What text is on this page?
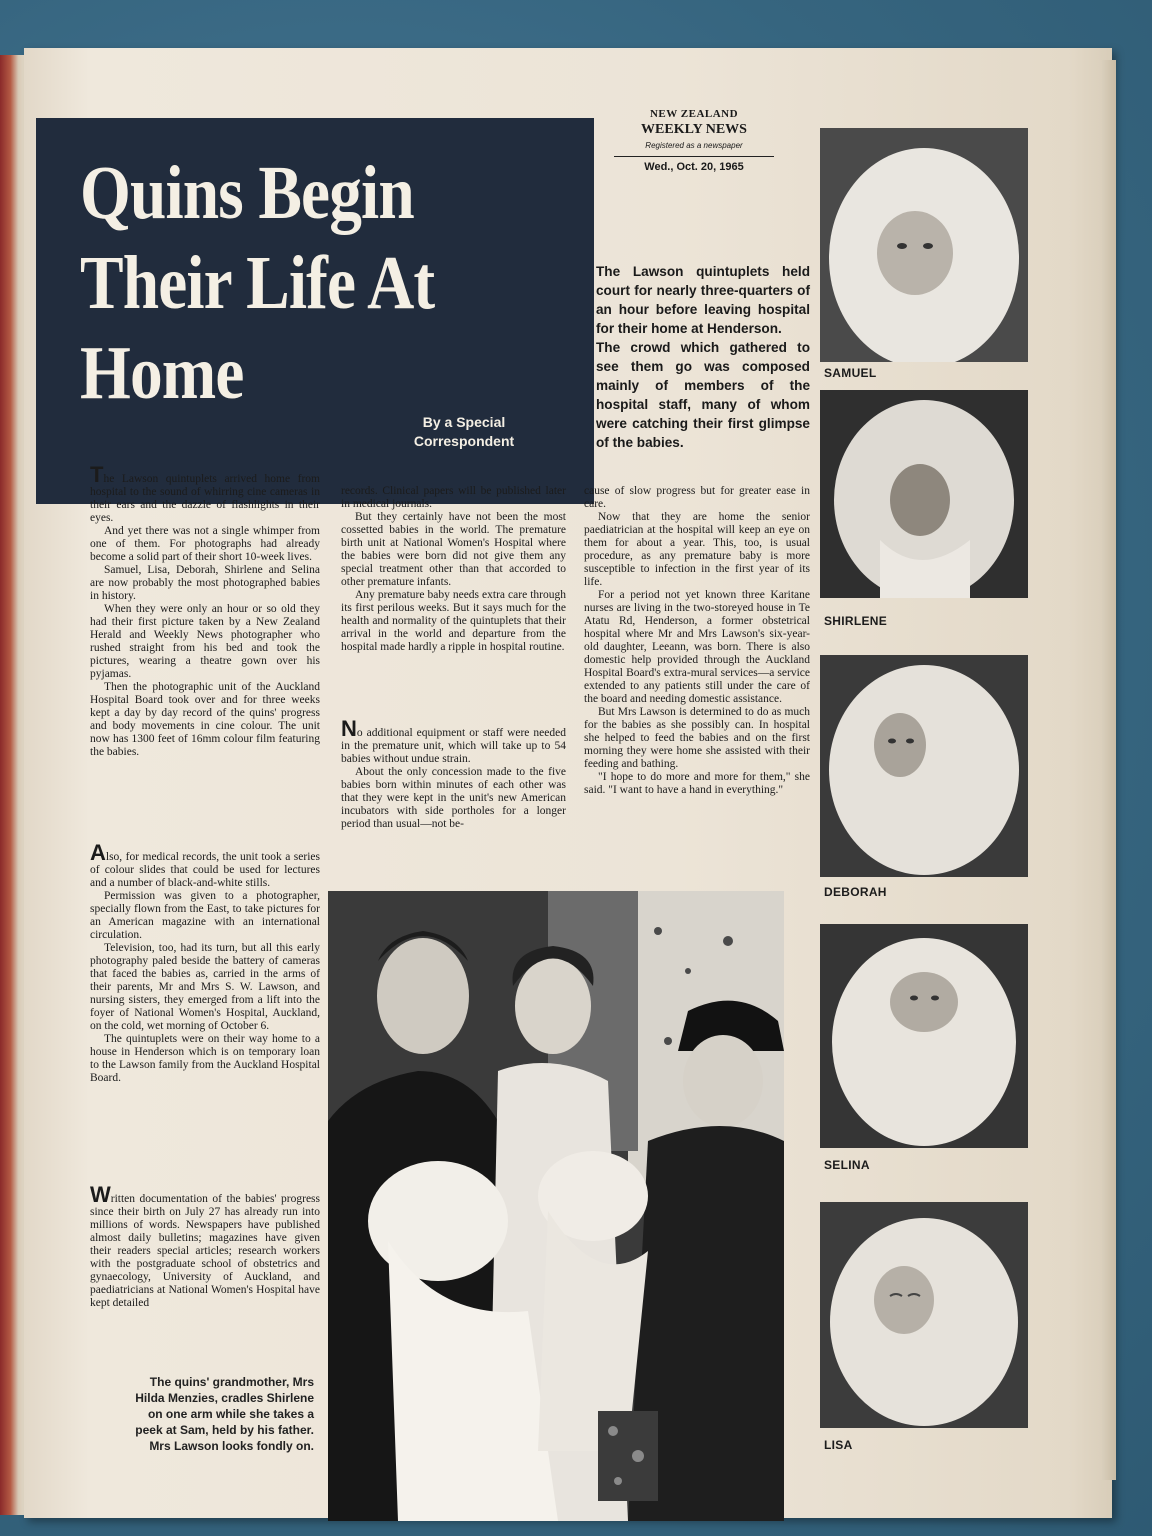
Quins Begin
Their Life At
Home
By a Special
Correspondent
NEW ZEALAND
WEEKLY NEWS
Registered as a newspaper
Wed., Oct. 20, 1965

The Lawson quintuplets held court for nearly three-quarters of an hour before leaving hospital for their home at Henderson.

The crowd which gathered to see them go was composed mainly of members of the hospital staff, many of whom were catching their first glimpse of the babies.

The Lawson quintuplets arrived home from hospital to the sound of whirring cine cameras in their ears and the dazzle of flashlights in their eyes.

And yet there was not a single whimper from one of them. For photographs had already become a solid part of their short 10-week lives.

Samuel, Lisa, Deborah, Shirlene and Selina are now probably the most photographed babies in history.

When they were only an hour or so old they had their first picture taken by a New Zealand Herald and Weekly News photographer who rushed straight from his bed and took the pictures, wearing a theatre gown over his pyjamas.

Then the photographic unit of the Auckland Hospital Board took over and for three weeks kept a day by day record of the quins' progress and body movements in cine colour. The unit now has 1300 feet of 16mm colour film featuring the babies.

Also, for medical records, the unit took a series of colour slides that could be used for lectures and a number of black-and-white stills.

Permission was given to a photographer, specially flown from the East, to take pictures for an American magazine with an international circulation.

Television, too, had its turn, but all this early photography paled beside the battery of cameras that faced the babies as, carried in the arms of their parents, Mr and Mrs S. W. Lawson, and nursing sisters, they emerged from a lift into the foyer of National Women's Hospital, Auckland, on the cold, wet morning of October 6.

The quintuplets were on their way home to a house in Henderson which is on temporary loan to the Lawson family from the Auckland Hospital Board.

Written documentation of the babies' progress since their birth on July 27 has already run into millions of words. Newspapers have published almost daily bulletins; magazines have given their readers special articles; research workers with the postgraduate school of obstetrics and gynaecology, University of Auckland, and paediatricians at National Women's Hospital have kept detailed

records. Clinical papers will be published later in medical journals.

But they certainly have not been the most cossetted babies in the world. The premature birth unit at National Women's Hospital where the babies were born did not give them any special treatment other than that accorded to other premature infants.

Any premature baby needs extra care through its first perilous weeks. But it says much for the health and normality of the quintuplets that their arrival in the world and departure from the hospital made hardly a ripple in hospital routine.

No additional equipment or staff were needed in the premature unit, which will take up to 54 babies without undue strain.

About the only concession made to the five babies born within minutes of each other was that they were kept in the unit's new American incubators with side portholes for a longer period than usual—not be-

cause of slow progress but for greater ease in care.

Now that they are home the senior paediatrician at the hospital will keep an eye on them for about a year. This, too, is usual procedure, as any premature baby is more susceptible to infection in the first year of its life.

For a period not yet known three Karitane nurses are living in the two-storeyed house in Te Atatu Rd, Henderson, a former obstetrical hospital where Mr and Mrs Lawson's six-year-old daughter, Leeann, was born. There is also domestic help provided through the Auckland Hospital Board's extra-mural services—a service extended to any patients still under the care of the board and needing domestic assistance.

But Mrs Lawson is determined to do as much for the babies as she possibly can. In hospital she helped to feed the babies and on the first morning they were home she assisted with their feeding and bathing.

"I hope to do more and more for them," she said. "I want to have a hand in everything."

The quins' grandmother, Mrs
Hilda Menzies, cradles Shirlene
on one arm while she takes a
peek at Sam, held by his father.
Mrs Lawson looks fondly on.
SAMUEL
SHIRLENE
DEBORAH
SELINA
LISA
